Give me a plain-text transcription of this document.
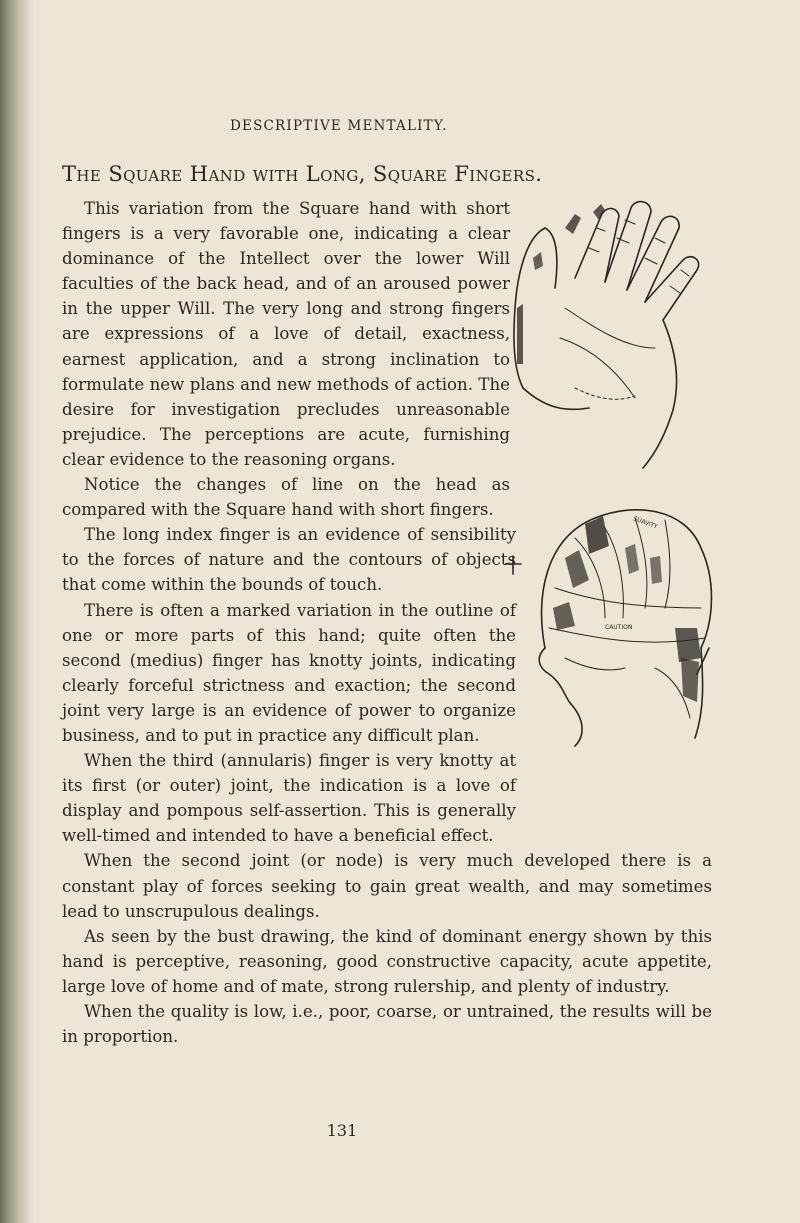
DESCRIPTIVE MENTALITY.
The Square Hand with Long, Square Fingers.

This variation from the Square hand with short fingers is a very favorable one, indicating a clear dominance of the Intellect over the lower Will faculties of the back head, and of an aroused power in the upper Will. The very long and strong fingers are expressions of a love of detail, exactness, earnest application, and a strong inclination to formulate new plans and new methods of action. The desire for investigation precludes unreasonable prejudice. The perceptions are acute, furnishing clear evidence to the reasoning organs.

Notice the changes of line on the head as compared with the Square hand with short fingers.

The long index finger is an evidence of sensibility to the forces of nature and the contours of objects that come within the bounds of touch.

There is often a marked variation in the outline of one or more parts of this hand; quite often the second (medius) finger has knotty joints, indicating clearly forceful strictness and exaction; the second joint very large is an evidence of power to organize business, and to put in practice any difficult plan.

When the third (annularis) finger is very knotty at its first (or outer) joint, the indication is a love of display and pompous self-assertion. This is generally well-timed and intended to have a beneficial effect.

When the second joint (or node) is very much developed there is a constant play of forces seeking to gain great wealth, and may sometimes lead to unscrupulous dealings.

As seen by the bust drawing, the kind of dominant energy shown by this hand is perceptive, reasoning, good constructive capacity, acute appetite, large love of home and of mate, strong rulership, and plenty of industry.

When the quality is low, i.e., poor, coarse, or untrained, the results will be in proportion.

SUAVITY
CAUTION
131
